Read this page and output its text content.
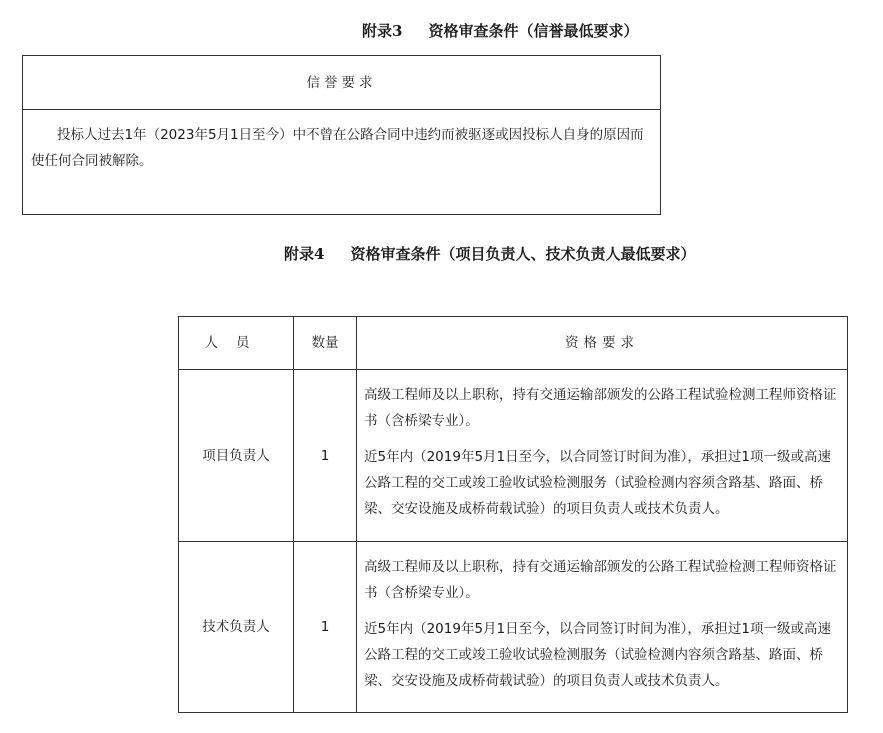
附录3 资格审查条件（信誉最低要求）
信誉要求
投标人过去1年（2023年5月1日至今）中不曾在公路合同中违约而被驱逐或因投标人自身的原因而使任何合同被解除。
附录4 资格审查条件（项目负责人、技术负责人最低要求）
人员	数量	资格要求
项目负责人	1	高级工程师及以上职称，持有交通运输部颁发的公路工程试验检测工程师资格证书（含桥梁专业）。

近5年内（2019年5月1日至今，以合同签订时间为准），承担过1项一级或高速公路工程的交工或竣工验收试验检测服务（试验检测内容须含路基、路面、桥梁、交安设施及成桥荷载试验）的项目负责人或技术负责人。

技术负责人	1	高级工程师及以上职称，持有交通运输部颁发的公路工程试验检测工程师资格证书（含桥梁专业）。

近5年内（2019年5月1日至今，以合同签订时间为准），承担过1项一级或高速公路工程的交工或竣工验收试验检测服务（试验检测内容须含路基、路面、桥梁、交安设施及成桥荷载试验）的项目负责人或技术负责人。
